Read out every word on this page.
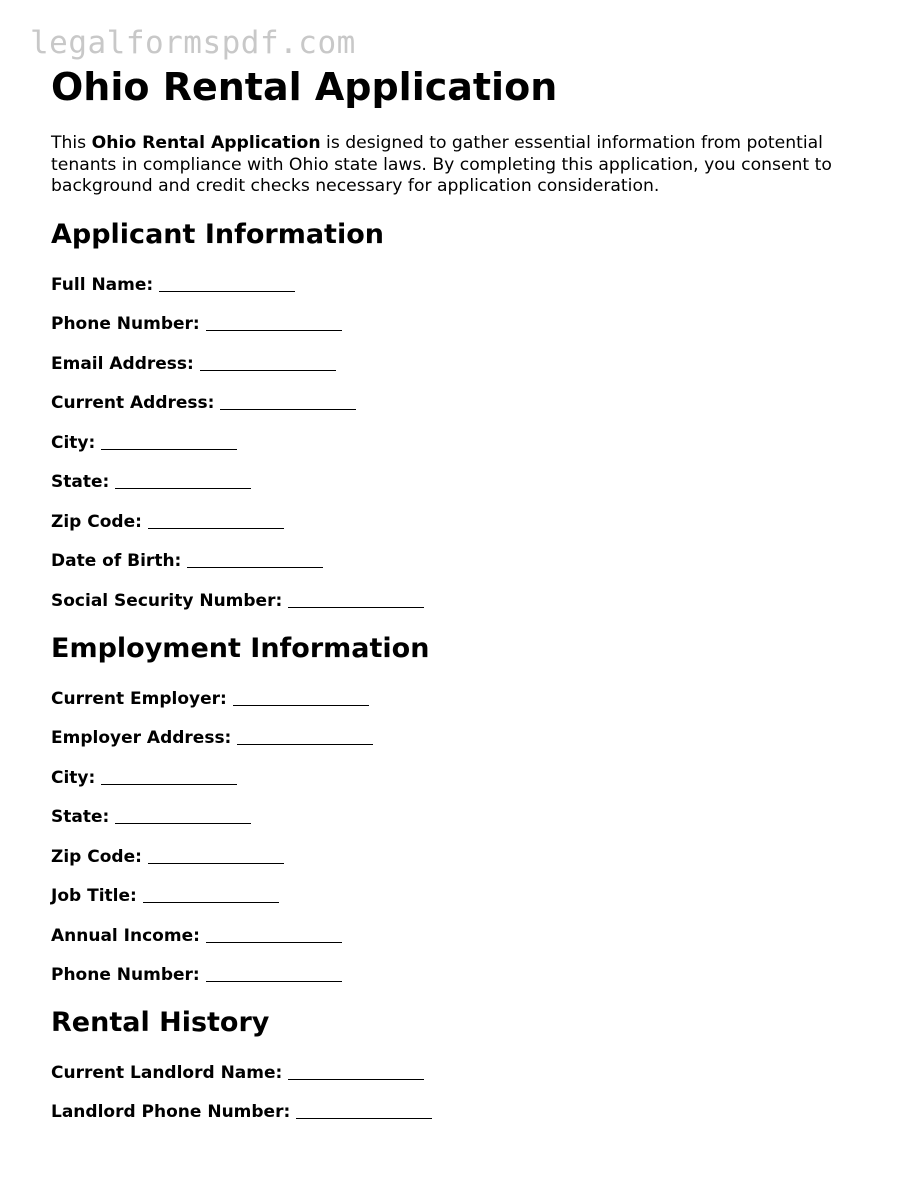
legalformspdf.com
Ohio Rental Application

This Ohio Rental Application is designed to gather essential information from potential tenants in compliance with Ohio state laws. By completing this application, you consent to background and credit checks necessary for application consideration.

Applicant Information
Full Name:
Phone Number:
Email Address:
Current Address:
City:
State:
Zip Code:
Date of Birth:
Social Security Number:
Employment Information
Current Employer:
Employer Address:
City:
State:
Zip Code:
Job Title:
Annual Income:
Phone Number:
Rental History
Current Landlord Name:
Landlord Phone Number:
